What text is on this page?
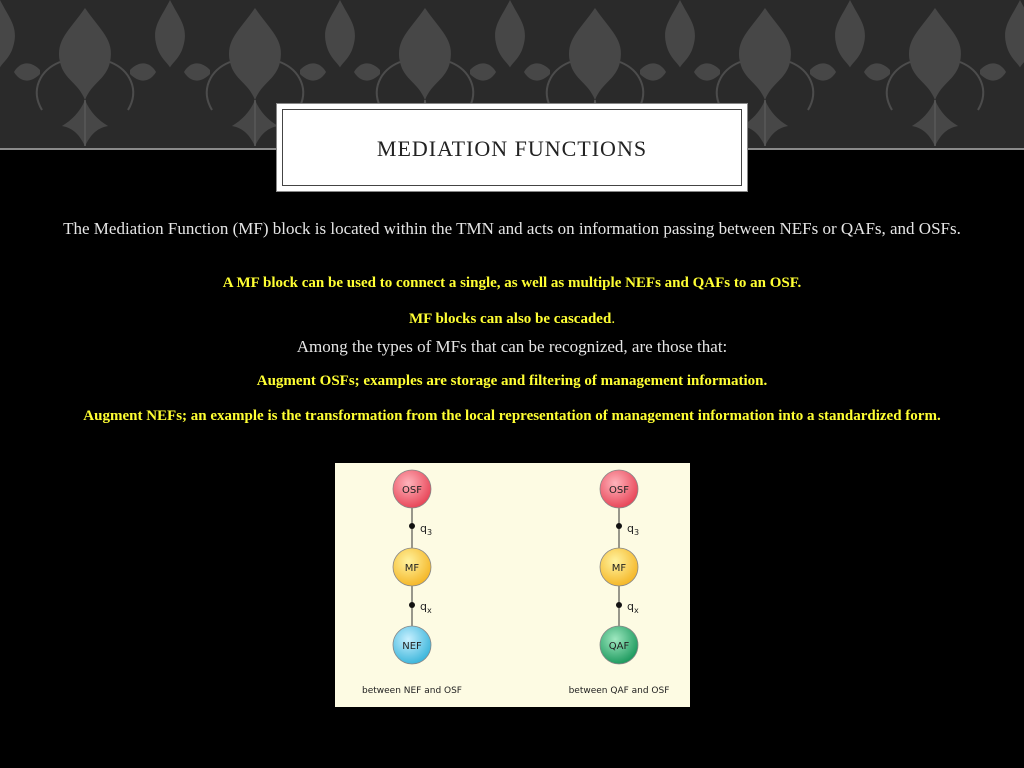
MEDIATION FUNCTIONS
The Mediation Function (MF) block is located within the TMN and acts on information passing between NEFs or QAFs, and OSFs.
A MF block can be used to connect a single, as well as multiple NEFs and QAFs to an OSF.
MF blocks can also be cascaded.
Among the types of MFs that can be recognized, are those that:
Augment OSFs; examples are storage and filtering of management information.
Augment NEFs; an example is the transformation from the local representation of management information into a standardized form.
$q_3$
$q_x$
OSF
MF
NEF
between NEF and OSF
$q_3$
$q_x$
OSF
MF
QAF
between QAF and OSF
